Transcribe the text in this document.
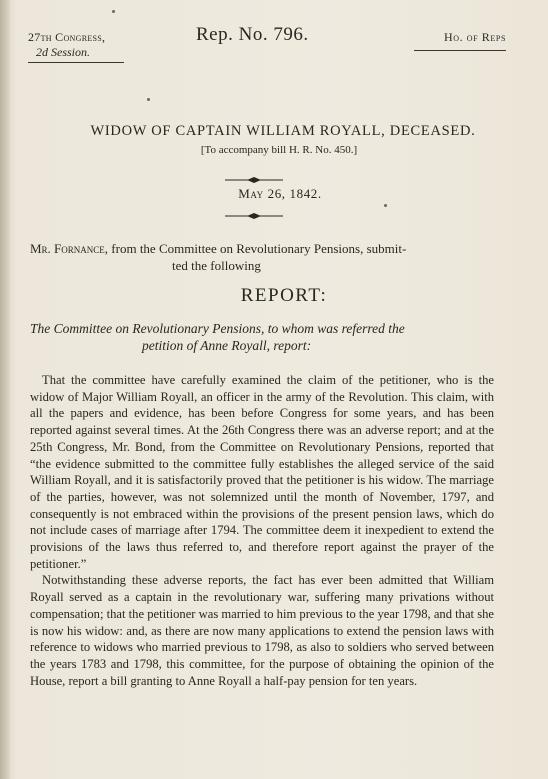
27th Congress,
2d Session.
Rep. No. 796.	Ho. of Reps
WIDOW OF CAPTAIN WILLIAM ROYALL, DECEASED.
[To accompany bill H. R. No. 450.]
May 26, 1842.
Mr. Fornance, from the Committee on Revolutionary Pensions, submit-
ted the following
REPORT:
The Committee on Revolutionary Pensions, to whom was referred the
petition of Anne Royall, report:

That the committee have carefully examined the claim of the petitioner, who is the widow of Major William Royall, an officer in the army of the Revolution. This claim, with all the papers and evidence, has been before Congress for some years, and has been reported against several times. At the 26th Congress there was an adverse report; and at the 25th Congress, Mr. Bond, from the Committee on Revolutionary Pensions, reported that “the evidence submitted to the committee fully establishes the alleged service of the said William Royall, and it is satisfactorily proved that the petitioner is his widow. The marriage of the parties, however, was not solemnized until the month of November, 1797, and consequently is not embraced within the provisions of the present pension laws, which do not include cases of marriage after 1794. The committee deem it inexpedient to extend the provisions of the laws thus referred to, and therefore report against the prayer of the petitioner.”

Notwithstanding these adverse reports, the fact has ever been admitted that William Royall served as a captain in the revolutionary war, suffering many privations without compensation; that the petitioner was married to him previous to the year 1798, and that she is now his widow: and, as there are now many applications to extend the pension laws with reference to widows who married previous to 1798, as also to soldiers who served between the years 1783 and 1798, this committee, for the purpose of obtaining the opinion of the House, report a bill granting to Anne Royall a half-pay pension for ten years.
